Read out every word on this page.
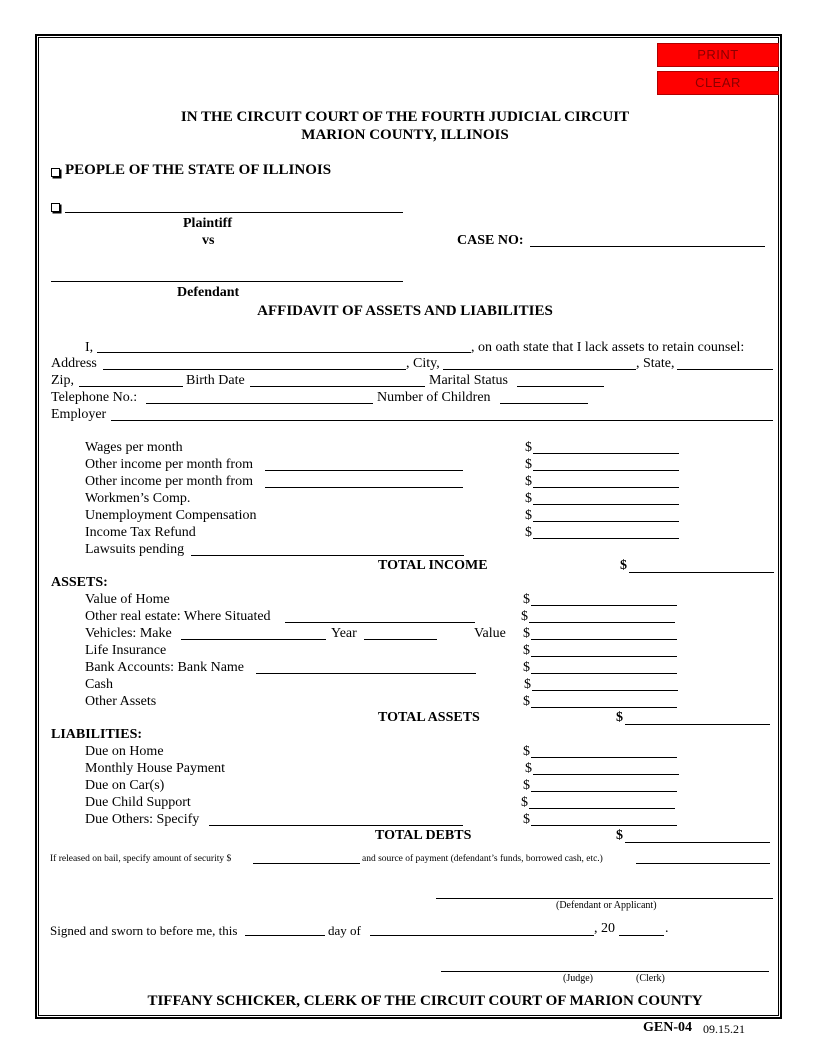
PRINT
CLEAR
IN THE CIRCUIT COURT OF THE FOURTH JUDICIAL CIRCUIT
MARION COUNTY, ILLINOIS
PEOPLE OF THE STATE OF ILLINOIS
Plaintiff
vs	CASE NO:
Defendant
AFFIDAVIT OF ASSETS AND LIABILITIES
I,	, on oath state that I lack assets to retain counsel:
Address	, City,	, State,
Zip,	Birth Date	Marital Status
Telephone No.:	Number of Children
Employer
Wages per month	$
Other income per month from	$
Other income per month from	$
Workmen’s Comp.	$
Unemployment Compensation	$
Income Tax Refund	$
Lawsuits pending
TOTAL INCOME	$
ASSETS:
Value of Home	$
Other real estate: Where Situated	$
Vehicles: Make	Year	Value $
Life Insurance	$
Bank Accounts: Bank Name	$
Cash	$
Other Assets	$
TOTAL ASSETS	$
LIABILITIES:
Due on Home	$
Monthly House Payment	$
Due on Car(s)	$
Due Child Support	$
Due Others: Specify	$
TOTAL DEBTS	$
If released on bail, specify amount of security $	and source of payment (defendant’s funds, borrowed cash, etc.)
(Defendant or Applicant)
Signed and sworn to before me, this	day of	, 20	.
(Judge)	(Clerk)
TIFFANY SCHICKER, CLERK OF THE CIRCUIT COURT OF MARION COUNTY
GEN-04 09.15.21
